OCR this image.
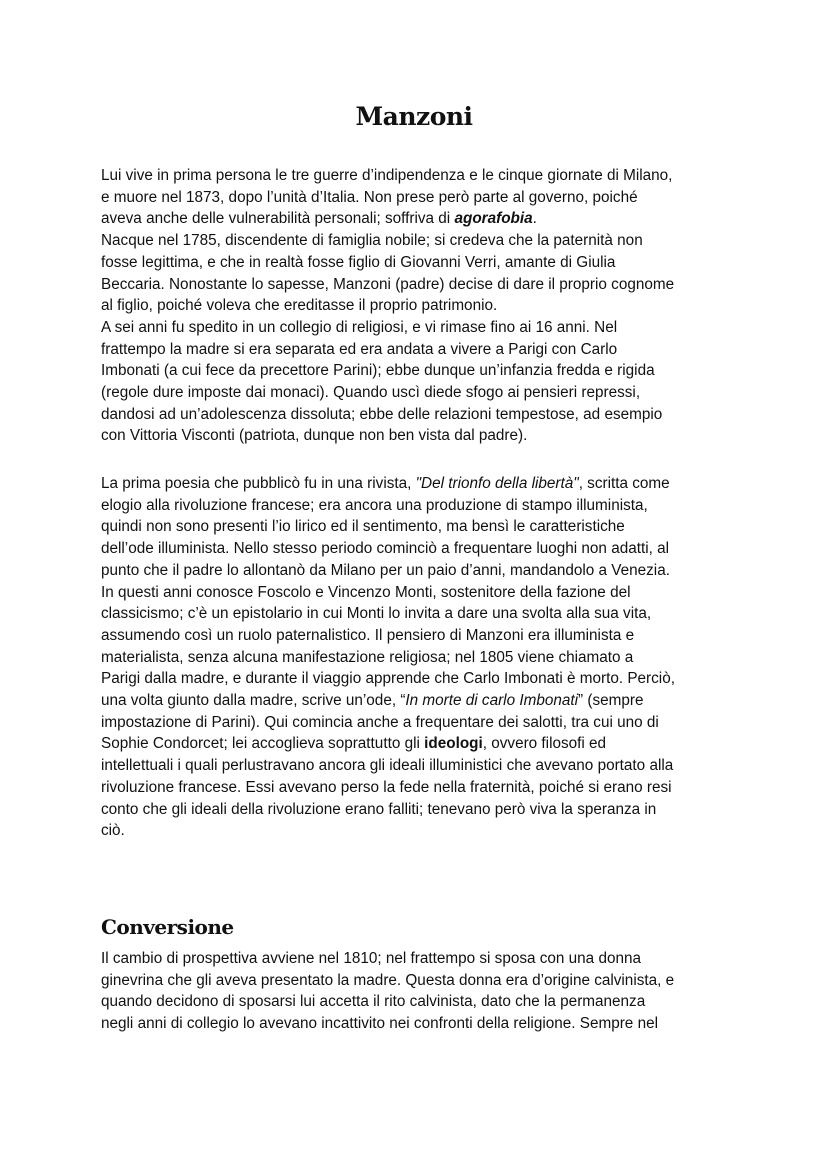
Manzoni
Lui vive in prima persona le tre guerre d’indipendenza e le cinque giornate di Milano,
e muore nel 1873, dopo l’unità d’Italia. Non prese però parte al governo, poiché
aveva anche delle vulnerabilità personali; soffriva di agorafobia.
Nacque nel 1785, discendente di famiglia nobile; si credeva che la paternità non
fosse legittima, e che in realtà fosse figlio di Giovanni Verri, amante di Giulia
Beccaria. Nonostante lo sapesse, Manzoni (padre) decise di dare il proprio cognome
al figlio, poiché voleva che ereditasse il proprio patrimonio.
A sei anni fu spedito in un collegio di religiosi, e vi rimase fino ai 16 anni. Nel
frattempo la madre si era separata ed era andata a vivere a Parigi con Carlo
Imbonati (a cui fece da precettore Parini); ebbe dunque un’infanzia fredda e rigida
(regole dure imposte dai monaci). Quando uscì diede sfogo ai pensieri repressi,
dandosi ad un’adolescenza dissoluta; ebbe delle relazioni tempestose, ad esempio
con Vittoria Visconti (patriota, dunque non ben vista dal padre).
La prima poesia che pubblicò fu in una rivista, "Del trionfo della libertà", scritta come
elogio alla rivoluzione francese; era ancora una produzione di stampo illuminista,
quindi non sono presenti l’io lirico ed il sentimento, ma bensì le caratteristiche
dell’ode illuminista. Nello stesso periodo cominciò a frequentare luoghi non adatti, al
punto che il padre lo allontanò da Milano per un paio d’anni, mandandolo a Venezia.
In questi anni conosce Foscolo e Vincenzo Monti, sostenitore della fazione del
classicismo; c’è un epistolario in cui Monti lo invita a dare una svolta alla sua vita,
assumendo così un ruolo paternalistico. Il pensiero di Manzoni era illuminista e
materialista, senza alcuna manifestazione religiosa; nel 1805 viene chiamato a
Parigi dalla madre, e durante il viaggio apprende che Carlo Imbonati è morto. Perciò,
una volta giunto dalla madre, scrive un’ode, “In morte di carlo Imbonati” (sempre
impostazione di Parini). Qui comincia anche a frequentare dei salotti, tra cui uno di
Sophie Condorcet; lei accoglieva soprattutto gli ideologi, ovvero filosofi ed
intellettuali i quali perlustravano ancora gli ideali illuministici che avevano portato alla
rivoluzione francese. Essi avevano perso la fede nella fraternità, poiché si erano resi
conto che gli ideali della rivoluzione erano falliti; tenevano però viva la speranza in
ciò.
Conversione
Il cambio di prospettiva avviene nel 1810; nel frattempo si sposa con una donna
ginevrina che gli aveva presentato la madre. Questa donna era d’origine calvinista, e
quando decidono di sposarsi lui accetta il rito calvinista, dato che la permanenza
negli anni di collegio lo avevano incattivito nei confronti della religione. Sempre nel
